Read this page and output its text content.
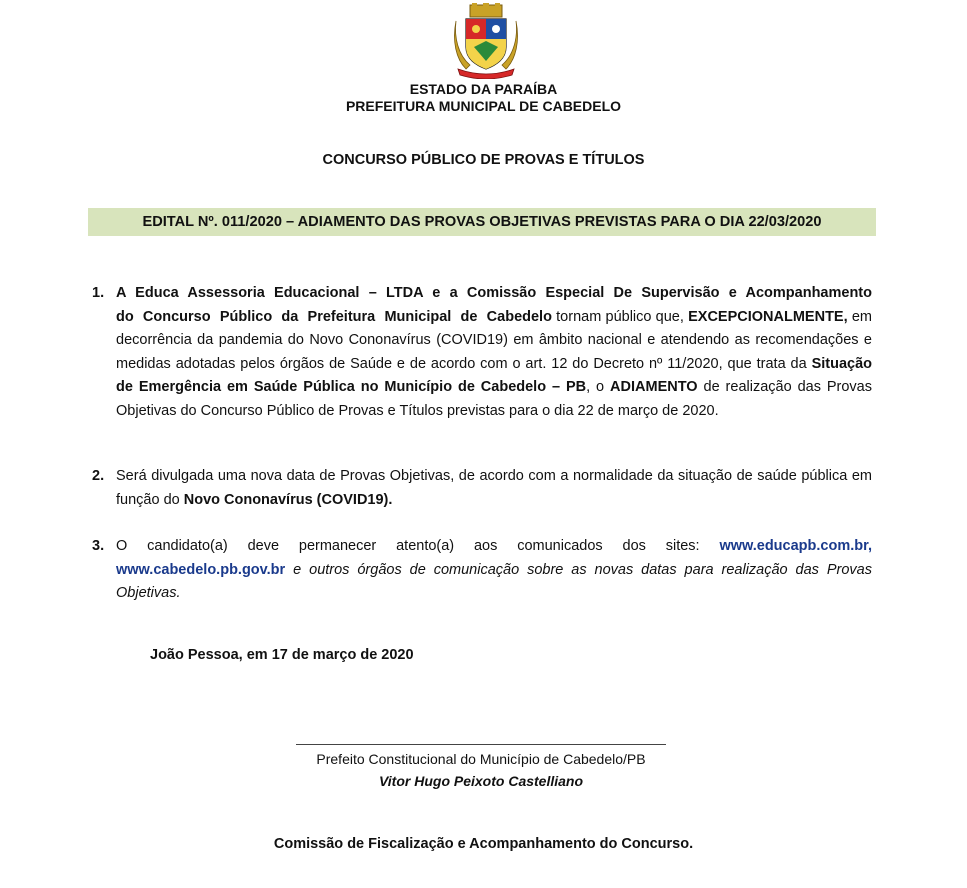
ESTADO DA PARAÍBA
PREFEITURA MUNICIPAL DE CABEDELO
CONCURSO PÚBLICO DE PROVAS E TÍTULOS
EDITAL Nº. 011/2020 – ADIAMENTO DAS PROVAS OBJETIVAS PREVISTAS PARA O DIA 22/03/2020
1. A Educa Assessoria Educacional – LTDA e a Comissão Especial De Supervisão e Acompanhamento do Concurso Público da Prefeitura Municipal de Cabedelo tornam público que, EXCEPCIONALMENTE, em decorrência da pandemia do Novo Cononavírus (COVID19) em âmbito nacional e atendendo as recomendações e medidas adotadas pelos órgãos de Saúde e de acordo com o art. 12 do Decreto nº 11/2020, que trata da Situação de Emergência em Saúde Pública no Município de Cabedelo – PB, o ADIAMENTO de realização das Provas Objetivas do Concurso Público de Provas e Títulos previstas para o dia 22 de março de 2020.
2. Será divulgada uma nova data de Provas Objetivas, de acordo com a normalidade da situação de saúde pública em função do Novo Cononavírus (COVID19).
3. O candidato(a) deve permanecer atento(a) aos comunicados dos sites: www.educapb.com.br, www.cabedelo.pb.gov.br e outros órgãos de comunicação sobre as novas datas para realização das Provas Objetivas.
João Pessoa, em 17 de março de 2020
Prefeito Constitucional do Município de Cabedelo/PB
Vitor Hugo Peixoto Castelliano
Comissão de Fiscalização e Acompanhamento do Concurso.
